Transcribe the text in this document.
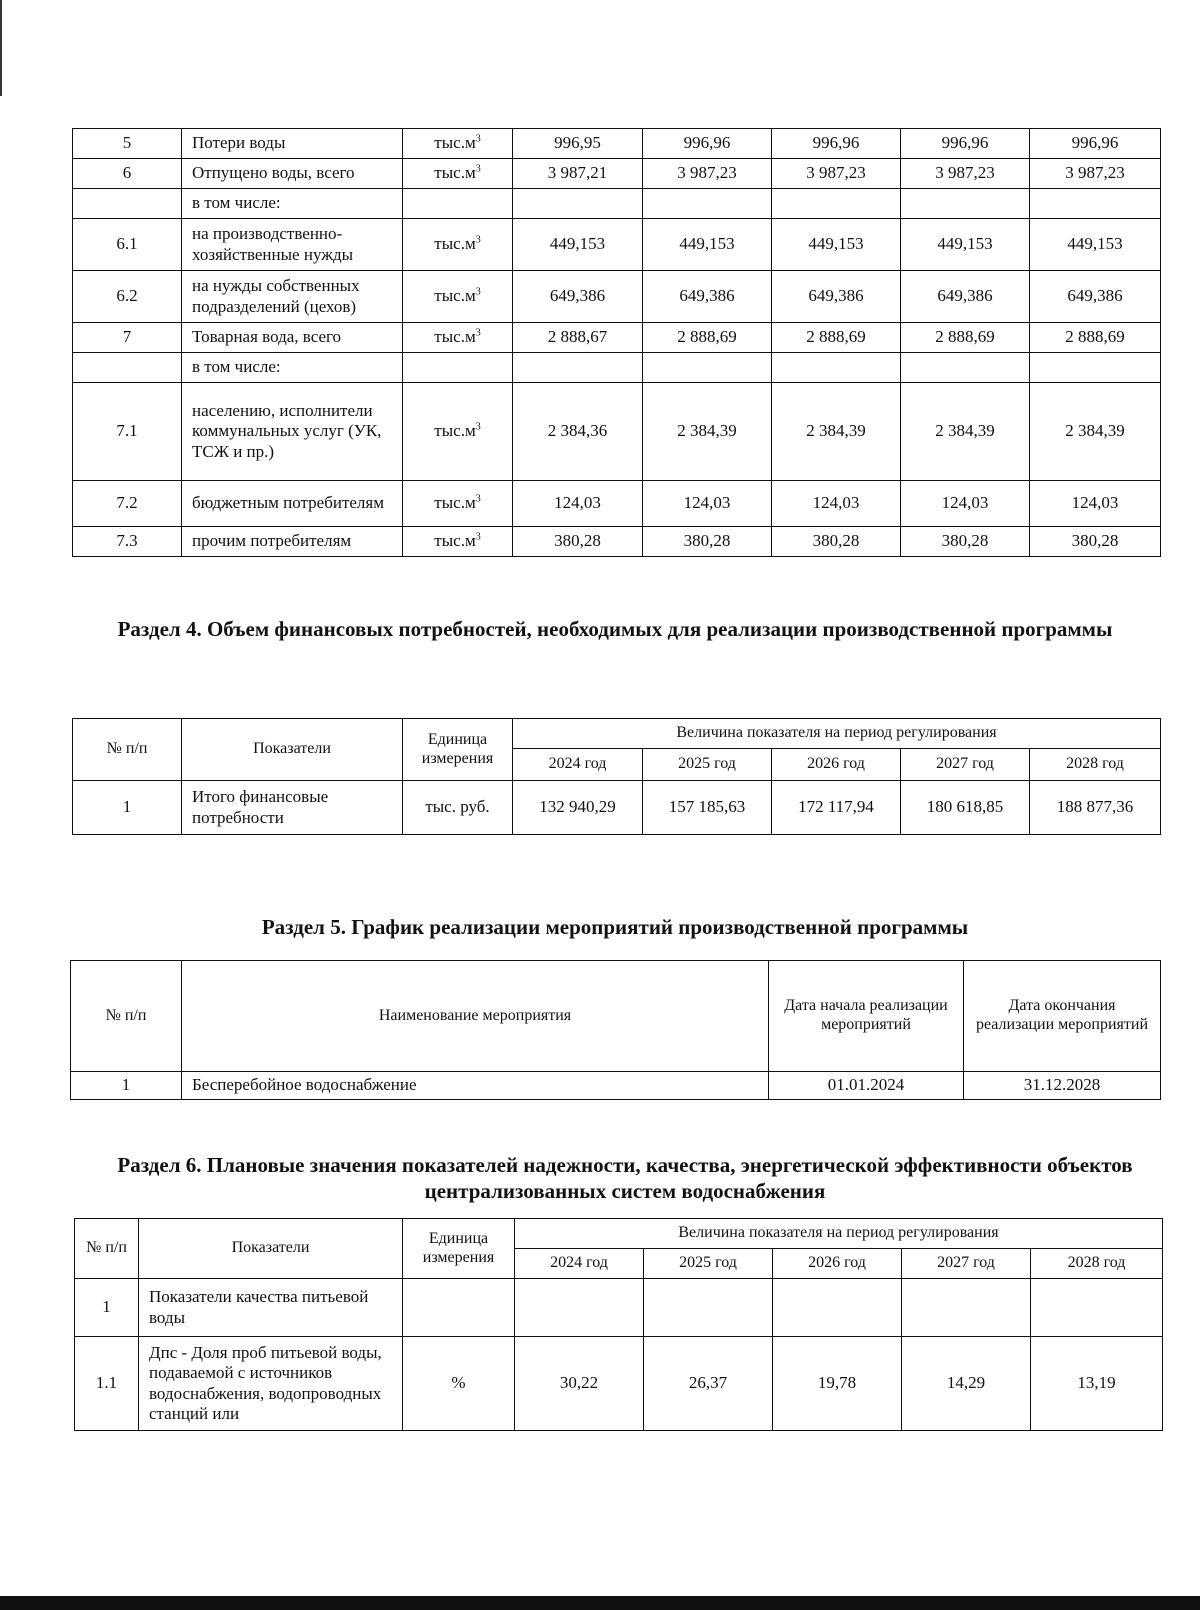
5	Потери воды	$тыс.м^3$	996,95	996,96	996,96	996,96	996,96
6	Отпущено воды, всего	$тыс.м^3$	3 987,21	3 987,23	3 987,23	3 987,23	3 987,23
	в том числе:						
6.1	на производственно-хозяйственные нужды	$тыс.м^3$	449,153	449,153	449,153	449,153	449,153
6.2	на нужды собственных подразделений (цехов)	$тыс.м^3$	649,386	649,386	649,386	649,386	649,386
7	Товарная вода, всего	$тыс.м^3$	2 888,67	2 888,69	2 888,69	2 888,69	2 888,69
	в том числе:						
7.1	населению, исполнители коммунальных услуг (УК, ТСЖ и пр.)	$тыс.м^3$	2 384,36	2 384,39	2 384,39	2 384,39	2 384,39
7.2	бюджетным потребителям	$тыс.м^3$	124,03	124,03	124,03	124,03	124,03
7.3	прочим потребителям	$тыс.м^3$	380,28	380,28	380,28	380,28	380,28
Раздел 4. Объем финансовых потребностей, необходимых для реализации производственной программы
№ п/п	Показатели	Единица измерения	Величина показателя на период регулирования				
			2024 год	2025 год	2026 год	2027 год	2028 год
1	Итого финансовые потребности	тыс. руб.	132 940,29	157 185,63	172 117,94	180 618,85	188 877,36
Раздел 5. График реализации мероприятий производственной программы
№ п/п	Наименование мероприятия	Дата начала реализации мероприятий	Дата окончания реализации мероприятий
1	Бесперебойное водоснабжение	01.01.2024	31.12.2028
Раздел 6. Плановые значения показателей надежности, качества, энергетической эффективности объектов централизованных систем водоснабжения
№ п/п	Показатели	Единица измерения	Величина показателя на период регулирования				
			2024 год	2025 год	2026 год	2027 год	2028 год
1	Показатели качества питьевой воды						
1.1	Дпс - Доля проб питьевой воды, подаваемой с источников водоснабжения, водопроводных станций или	%	30,22	26,37	19,78	14,29	13,19
